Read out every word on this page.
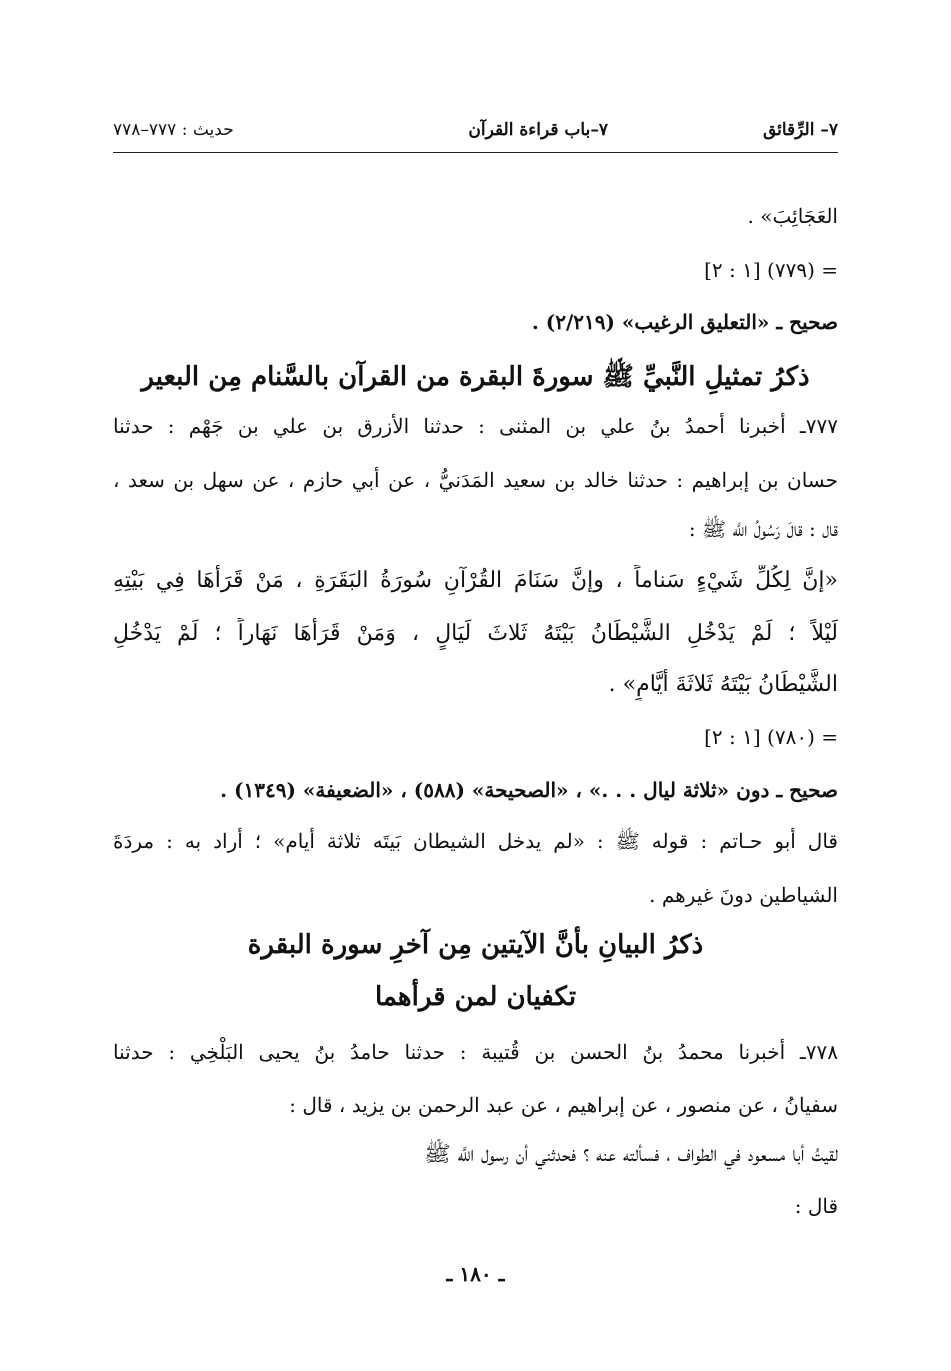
٧– الرِّقائق
٧–باب قراءة القرآن
حديث : ٧٧٧–٧٧٨
العَجَائِبَ» .
= (٧٧٩) [١ : ٢]
صحيح ـ «التعليق الرغيب» (٢/٢١٩) .
ذكرُ تمثيلِ النَّبيِّ ﷺ سورةَ البقرة من القرآن بالسَّنام مِن البعير
٧٧٧ـ أخبرنا أحمدُ بنُ علي بن المثنى : حدثنا الأزرق بن علي بن جَهْم : حدثنا
حسان بن إبراهيم : حدثنا خالد بن سعيد المَدَنيُّ ، عن أبي حازم ، عن سهل بن سعد ،
قال : قالَ رَسُولُ اللَّه ﷺ :
«إنَّ لِكُلِّ شَيْءٍ سَناماً ، وإنَّ سَنَامَ القُرْآنِ سُورَةُ البَقَرَةِ ، مَنْ قَرَأَهَا فِي بَيْتِهِ
لَيْلاً ؛ لَمْ يَدْخُلِ الشَّيْطَانُ بَيْتَهُ ثَلاثَ لَيَالٍ ، وَمَنْ قَرَأَهَا نَهَاراً ؛ لَمْ يَدْخُلِ
الشَّيْطَانُ بَيْتَهُ ثَلاثَةَ أَيَّامٍ» .
= (٧٨٠) [١ : ٢]
صحيح ـ دون «ثلاثة ليال . . .» ، «الصحيحة» (٥٨٨) ، «الضعيفة» (١٣٤٩) .
قال أبو حـاتم : قوله ﷺ : «لم يدخل الشيطان بَيتَه ثلاثة أيام» ؛ أراد به : مردَةَ
الشياطين دونَ غيرهم .
ذكرُ البيانِ بأنَّ الآيتين مِن آخرِ سورة البقرة
تكفيان لمن قرأهما
٧٧٨ـ أخبرنا محمدُ بنُ الحسن بن قُتيبة : حدثنا حامدُ بنُ يحيى البَلْخِي : حدثنا
سفيانُ ، عن منصور ، عن إبراهيم ، عن عبد الرحمن بن يزيد ، قال :
لقيتُ أبا مسعود في الطواف ، فسألته عنه ؟ فحدثني أن رسول اللَّه ﷺ
قال :
ـ ١٨٠ ـ
